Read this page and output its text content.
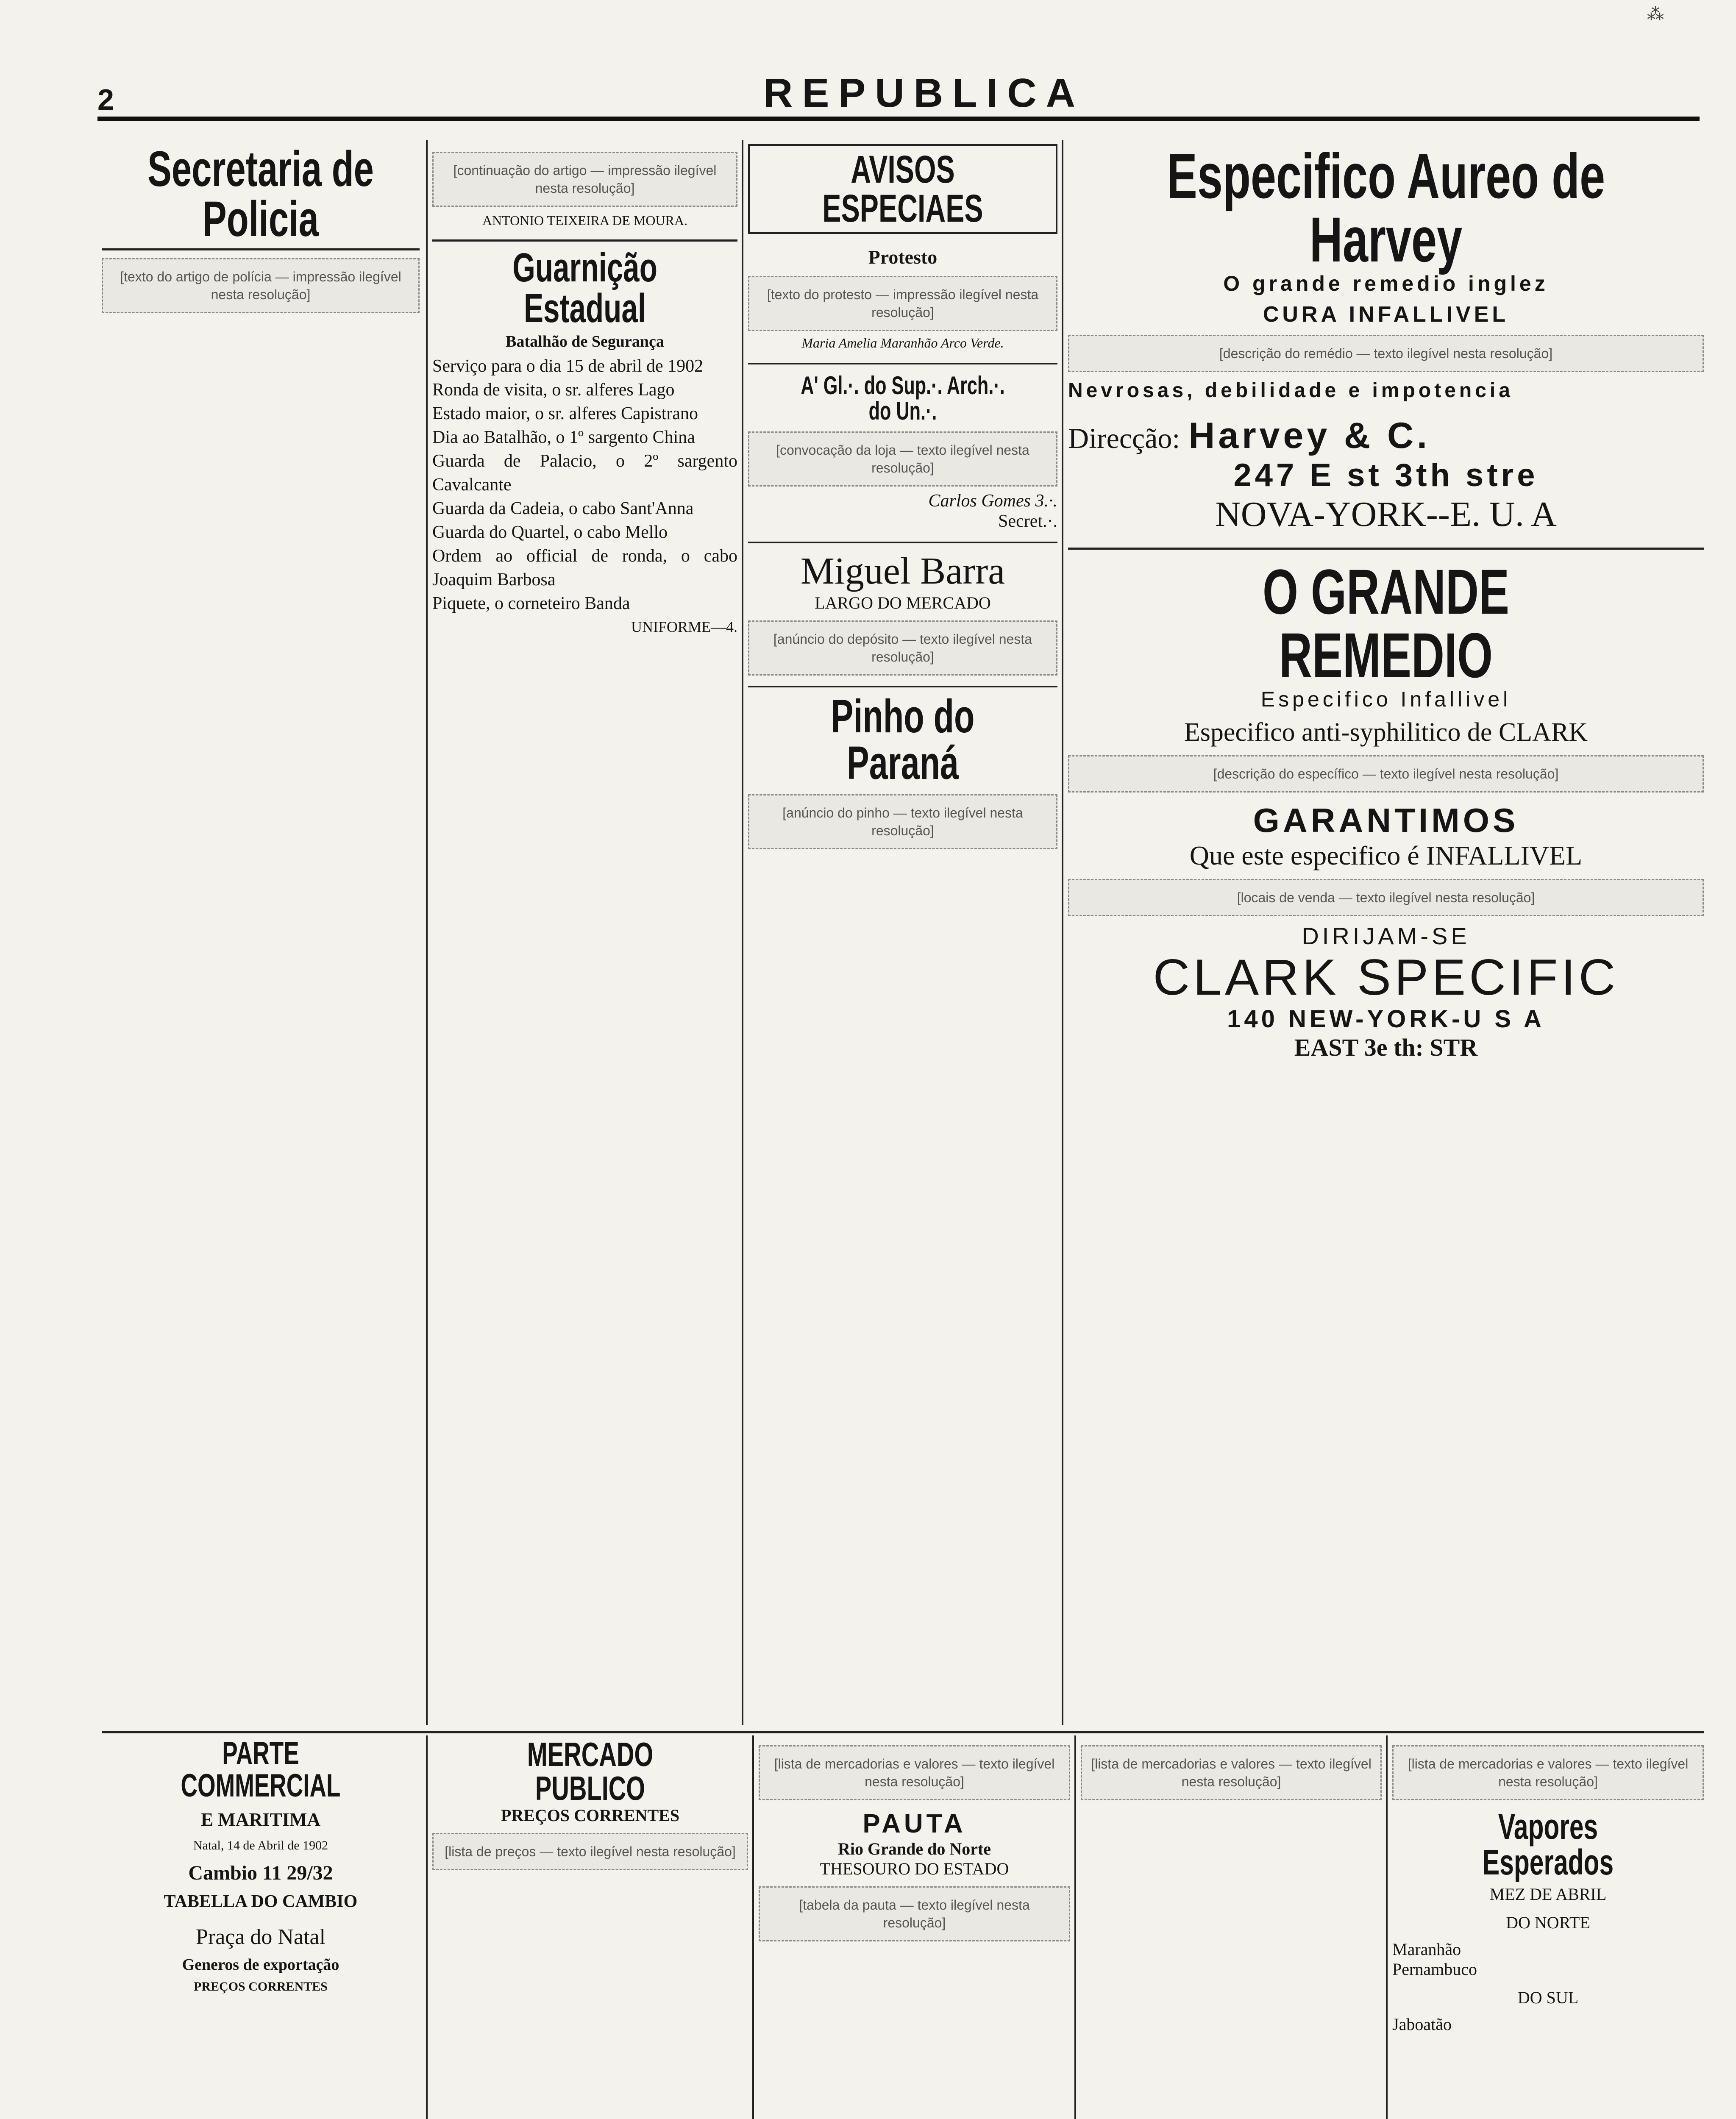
⁂
2	REPUBLICA
Secretaria de Policia
[texto do artigo de polícia — impressão ilegível nesta resolução]
[continuação do artigo — impressão ilegível nesta resolução]
ANTONIO TEIXEIRA DE MOURA.
Guarnição Estadual
Batalhão de Segurança
Serviço para o dia 15 de abril de 1902
Ronda de visita, o sr. alferes Lago
Estado maior, o sr. alferes Capistrano
Dia ao Batalhão, o 1º sargento China
Guarda de Palacio, o 2º sargento Cavalcante
Guarda da Cadeia, o cabo Sant'Anna
Guarda do Quartel, o cabo Mello
Ordem ao official de ronda, o cabo Joaquim Barbosa
Piquete, o corneteiro Banda
UNIFORME—4.
AVISOS ESPECIAES
Protesto
[texto do protesto — impressão ilegível nesta resolução]
Maria Amelia Maranhão Arco Verde.
A' Gl.·. do Sup.·. Arch.·. do Un.·.
[convocação da loja — texto ilegível nesta resolução]
Carlos Gomes 3.·.
Secret.·.
Miguel Barra
LARGO DO MERCADO
[anúncio do depósito — texto ilegível nesta resolução]
Pinho do Paraná
[anúncio do pinho — texto ilegível nesta resolução]
Especifico Aureo de Harvey
O grande remedio inglez
CURA INFALLIVEL
[descrição do remédio — texto ilegível nesta resolução]
Nevrosas, debilidade e impotencia
Direcção: Harvey & C.
247 E st 3th stre
NOVA-YORK--E. U. A
O GRANDE REMEDIO
Especifico Infallivel
Especifico anti-syphilitico de CLARK
[descrição do específico — texto ilegível nesta resolução]
GARANTIMOS
Que este especifico é INFALLIVEL
[locais de venda — texto ilegível nesta resolução]
DIRIJAM-SE
CLARK SPECIFIC
140 NEW-YORK-U S A
EAST 3e th: STR
PARTE COMMERCIAL
E MARITIMA
Natal, 14 de Abril de 1902
Cambio 11 29/32
TABELLA DO CAMBIO
Praça do Natal
Generos de exportação
PREÇOS CORRENTES
MERCADO PUBLICO
PREÇOS CORRENTES
[lista de preços — texto ilegível nesta resolução]
[lista de mercadorias e valores — texto ilegível nesta resolução]
PAUTA
Rio Grande do Norte
THESOURO DO ESTADO
[tabela da pauta — texto ilegível nesta resolução]
[lista de mercadorias e valores — texto ilegível nesta resolução]
[lista de mercadorias e valores — texto ilegível nesta resolução]
Vapores Esperados
MEZ DE ABRIL
DO NORTE
Maranhão
Pernambuco
DO SUL
Jaboatão
